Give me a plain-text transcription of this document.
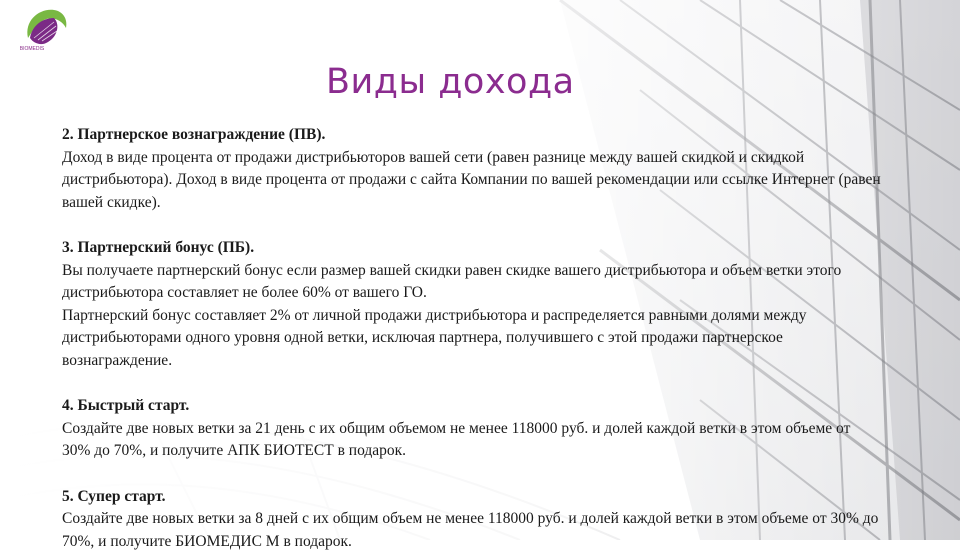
BIOMEDIS
Виды дохода
2. Партнерское вознаграждение (ПВ).
Доход в виде процента от продажи дистрибьюторов вашей сети (равен разнице между вашей скидкой и скидкой дистрибьютора). Доход в виде процента от продажи с сайта Компании по вашей рекомендации или ссылке Интернет (равен вашей скидке).
3. Партнерский бонус (ПБ).
Вы получаете партнерский бонус если размер вашей скидки равен скидке вашего дистрибьютора и объем ветки этого дистрибьютора составляет не более 60% от вашего ГО.
Партнерский бонус составляет 2% от личной продажи дистрибьютора и распределяется равными долями между дистрибьюторами одного уровня одной ветки, исключая партнера, получившего с этой продажи партнерское вознаграждение.
4. Быстрый старт.
Создайте две новых ветки за 21 день с их общим объемом не менее 118000 руб. и долей каждой ветки в этом объеме от 30% до 70%, и получите АПК БИОТЕСТ в подарок.
5. Супер старт.
Создайте две новых ветки за 8 дней с их общим объем не менее 118000 руб. и долей каждой ветки в этом объеме от 30% до 70%, и получите БИОМЕДИС М в подарок.
